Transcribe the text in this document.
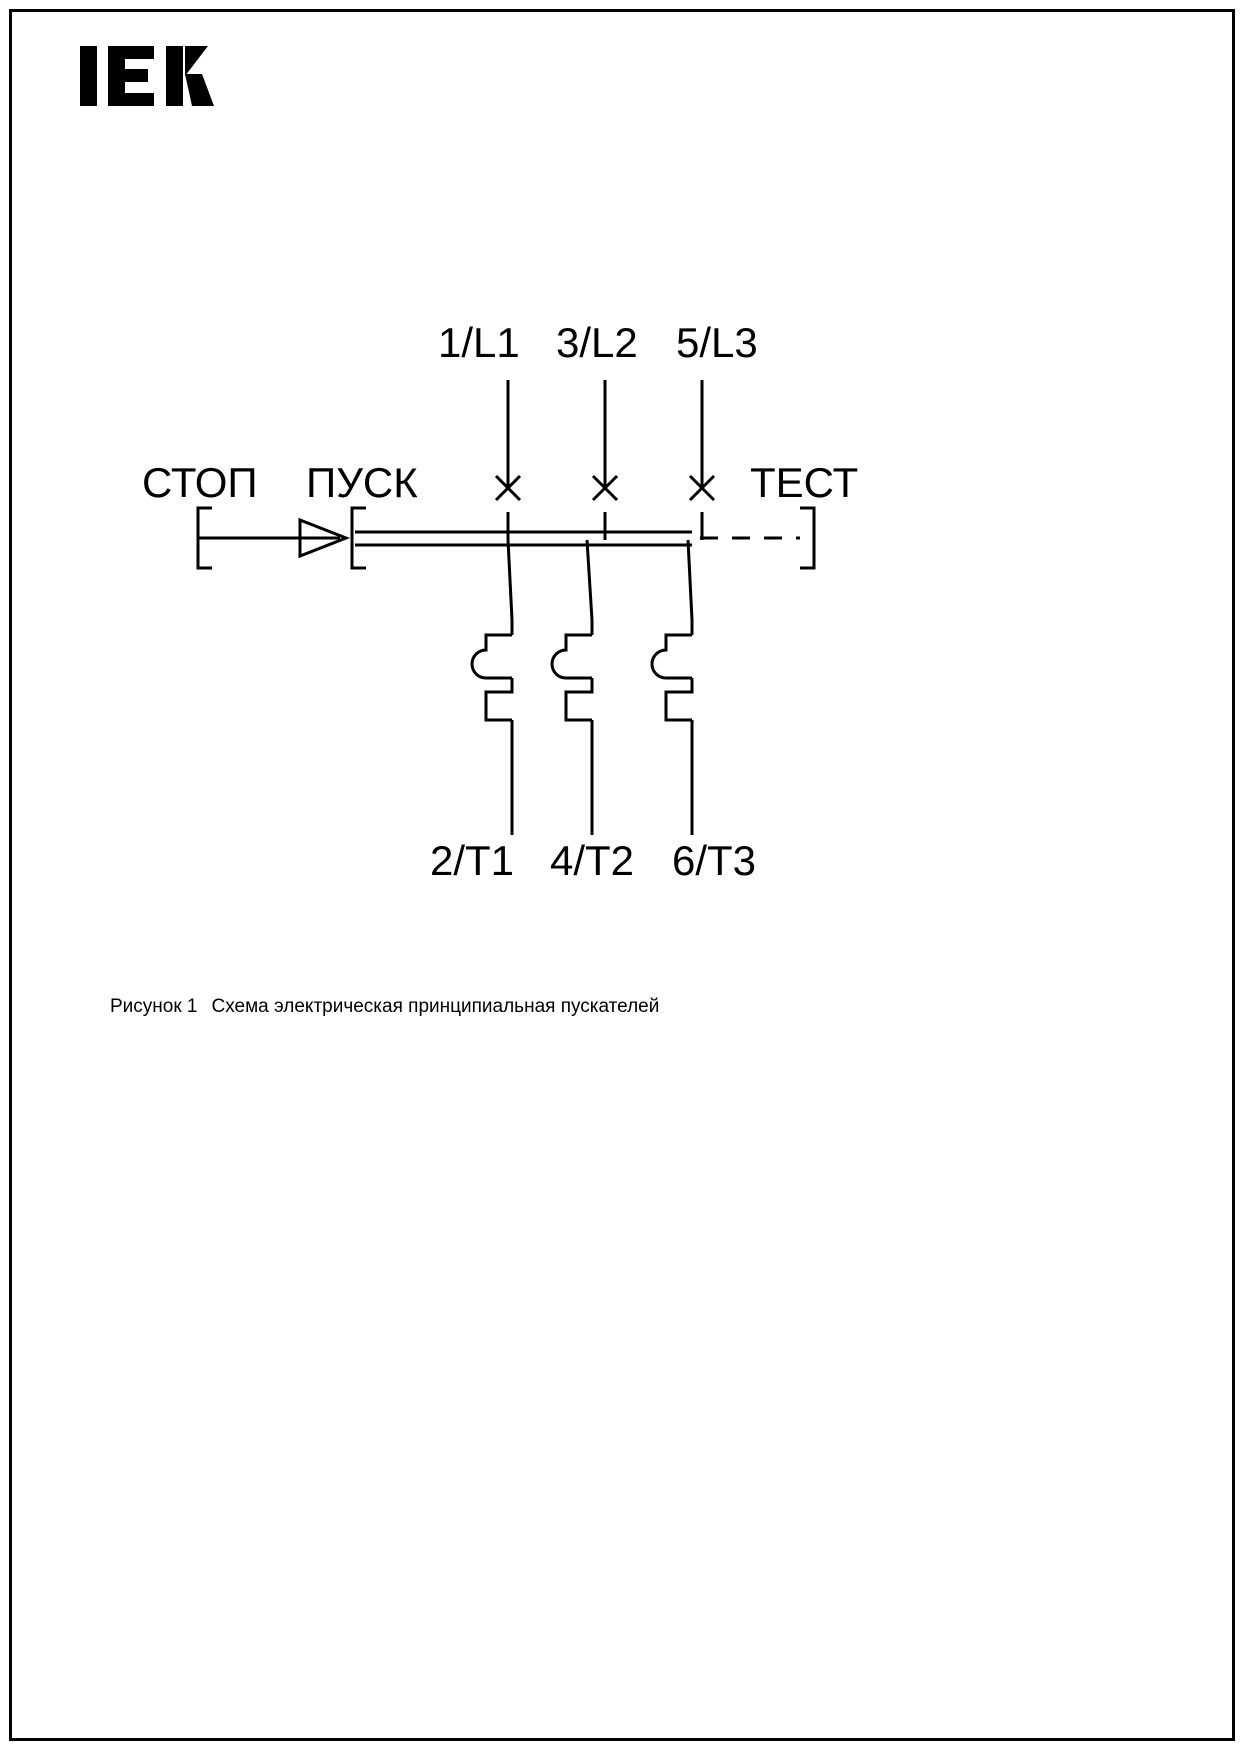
1/L1 3/L2 5/L3
СТОП ПУСК	ТЕСТ
2/T1 4/T2 6/T3
Рисунок 1 Схема электрическая принципиальная пускателей
